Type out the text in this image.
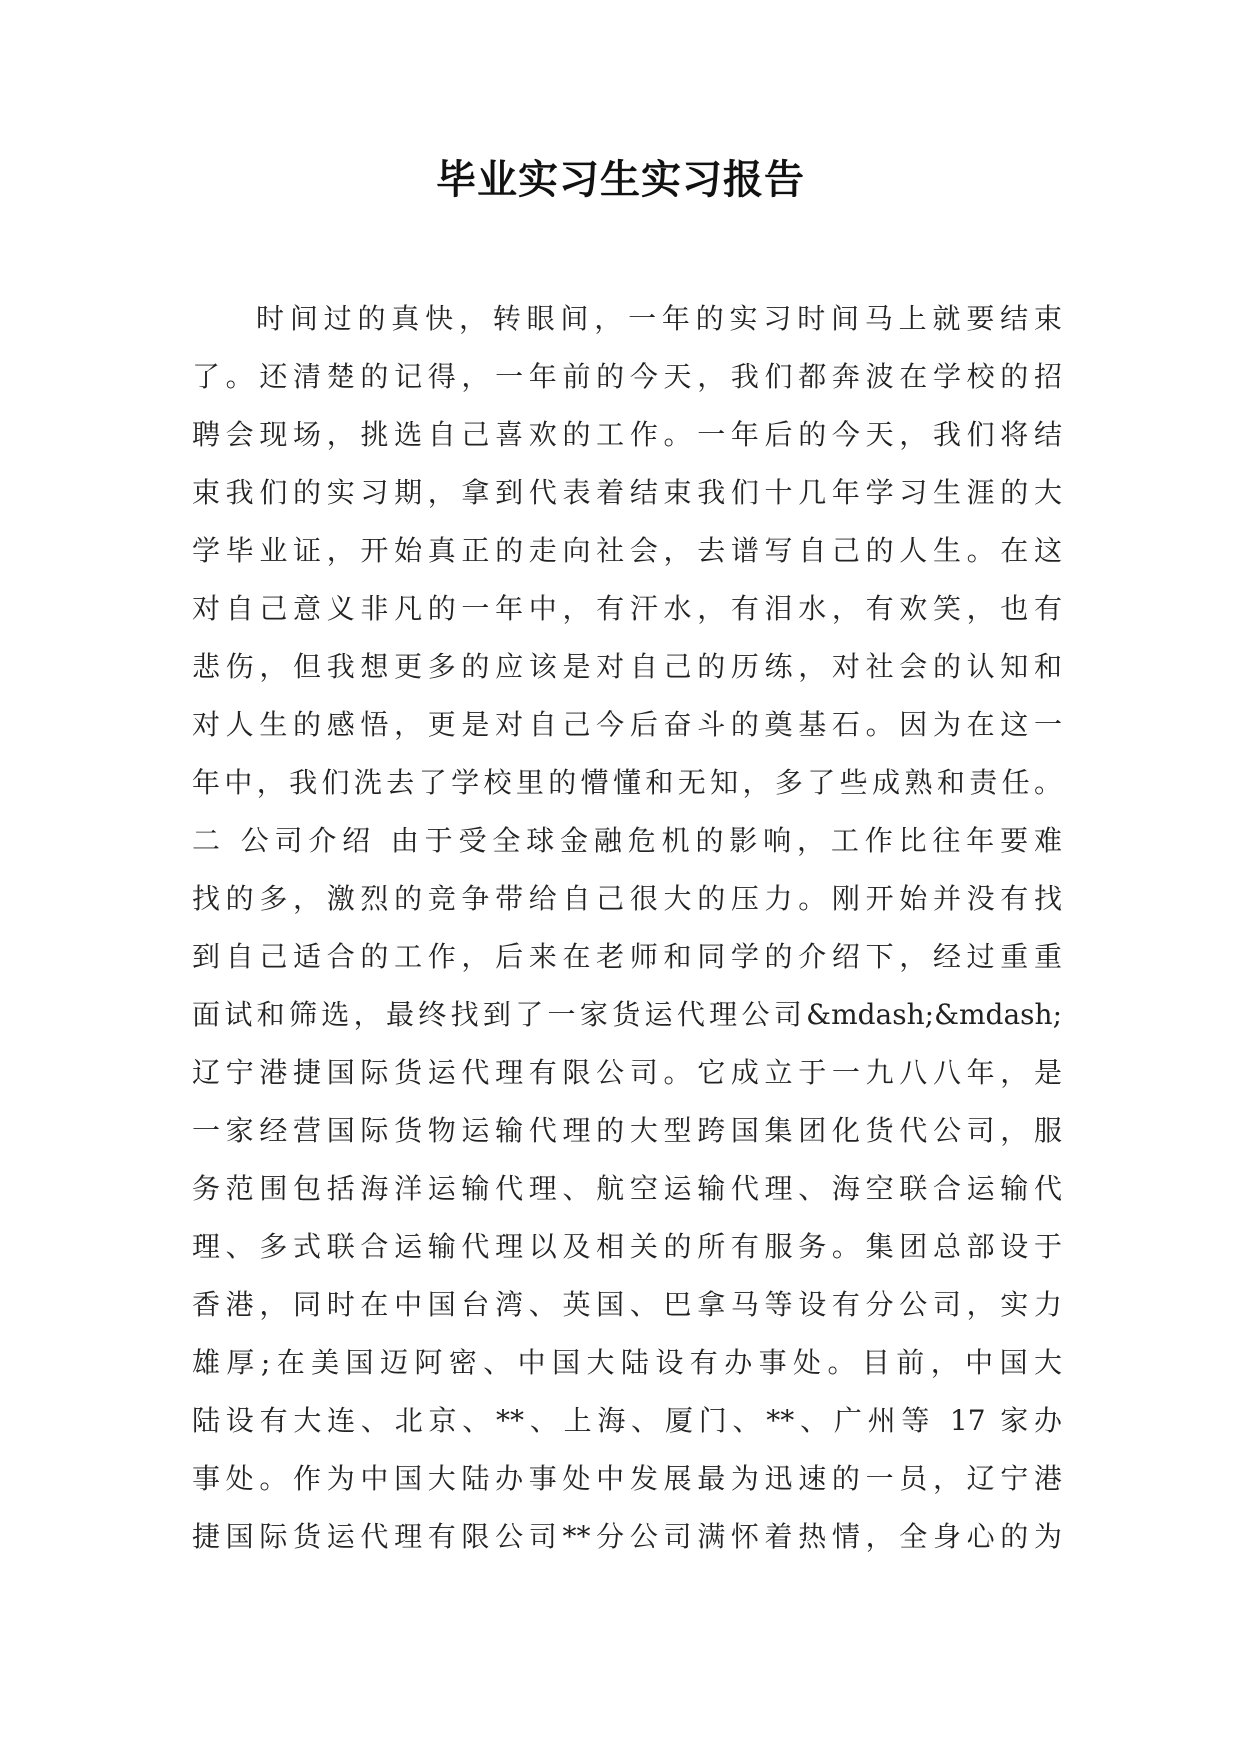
毕业实习生实习报告
时间过的真快，转眼间，一年的实习时间马上就要结束
了。还清楚的记得，一年前的今天，我们都奔波在学校的招
聘会现场，挑选自己喜欢的工作。一年后的今天，我们将结
束我们的实习期，拿到代表着结束我们十几年学习生涯的大
学毕业证，开始真正的走向社会，去谱写自己的人生。在这
对自己意义非凡的一年中，有汗水，有泪水，有欢笑，也有
悲伤，但我想更多的应该是对自己的历练，对社会的认知和
对人生的感悟，更是对自己今后奋斗的奠基石。因为在这一
年中，我们洗去了学校里的懵懂和无知，多了些成熟和责任。
二 公司介绍 由于受全球金融危机的影响，工作比往年要难
找的多，激烈的竞争带给自己很大的压力。刚开始并没有找
到自己适合的工作，后来在老师和同学的介绍下，经过重重
面试和筛选，最终找到了一家货运代理公司&mdash;&mdash;
辽宁港捷国际货运代理有限公司。它成立于一九八八年，是
一家经营国际货物运输代理的大型跨国集团化货代公司，服
务范围包括海洋运输代理、航空运输代理、海空联合运输代
理、多式联合运输代理以及相关的所有服务。集团总部设于
香港，同时在中国台湾、英国、巴拿马等设有分公司，实力
雄厚;在美国迈阿密、中国大陆设有办事处。目前，中国大
陆设有大连、北京、**、上海、厦门、**、广州等 17 家办
事处。作为中国大陆办事处中发展最为迅速的一员，辽宁港
捷国际货运代理有限公司**分公司满怀着热情，全身心的为
